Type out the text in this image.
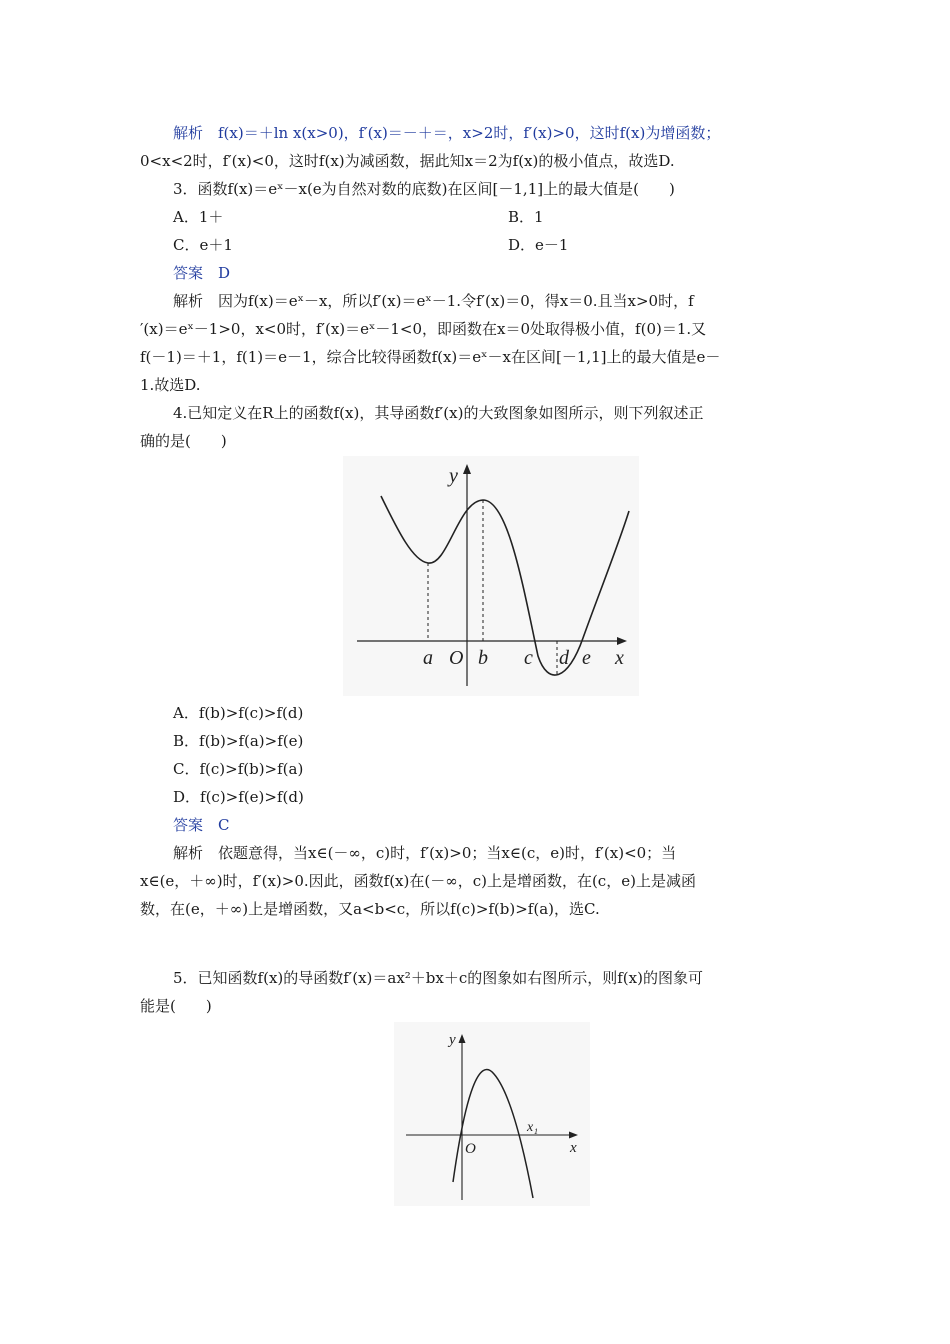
解析　f(x)＝＋ln x(x>0)，f′(x)＝－＋＝，x>2时，f′(x)>0，这时f(x)为增函数；
0<x<2时，f′(x)<0，这时f(x)为减函数，据此知x＝2为f(x)的极小值点，故选D.
3．函数f(x)＝eˣ－x(e为自然对数的底数)在区间[－1,1]上的最大值是(　　)
A．1＋	B．1
C．e＋1	D．e－1
答案　D
解析　因为f(x)＝eˣ－x，所以f′(x)＝eˣ－1.令f′(x)＝0，得x＝0.且当x>0时，f
′(x)＝eˣ－1>0，x<0时，f′(x)＝eˣ－1<0，即函数在x＝0处取得极小值，f(0)＝1.又
f(－1)＝＋1，f(1)＝e－1，综合比较得函数f(x)＝eˣ－x在区间[－1,1]上的最大值是e－
1.故选D.
4.已知定义在R上的函数f(x)，其导函数f′(x)的大致图象如图所示，则下列叙述正
确的是(　　)
y
x
a O b c d e
A．f(b)>f(c)>f(d)
B．f(b)>f(a)>f(e)
C．f(c)>f(b)>f(a)
D．f(c)>f(e)>f(d)
答案　C
解析　依题意得，当x∈(－∞，c)时，f′(x)>0；当x∈(c，e)时，f′(x)<0；当
x∈(e，＋∞)时，f′(x)>0.因此，函数f(x)在(－∞，c)上是增函数，在(c，e)上是减函
数，在(e，＋∞)上是增函数，又a<b<c，所以f(c)>f(b)>f(a)，选C.
5．已知函数f(x)的导函数f′(x)＝ax²＋bx＋c的图象如右图所示，则f(x)的图象可
能是(　　)
y
x
O
x₁
